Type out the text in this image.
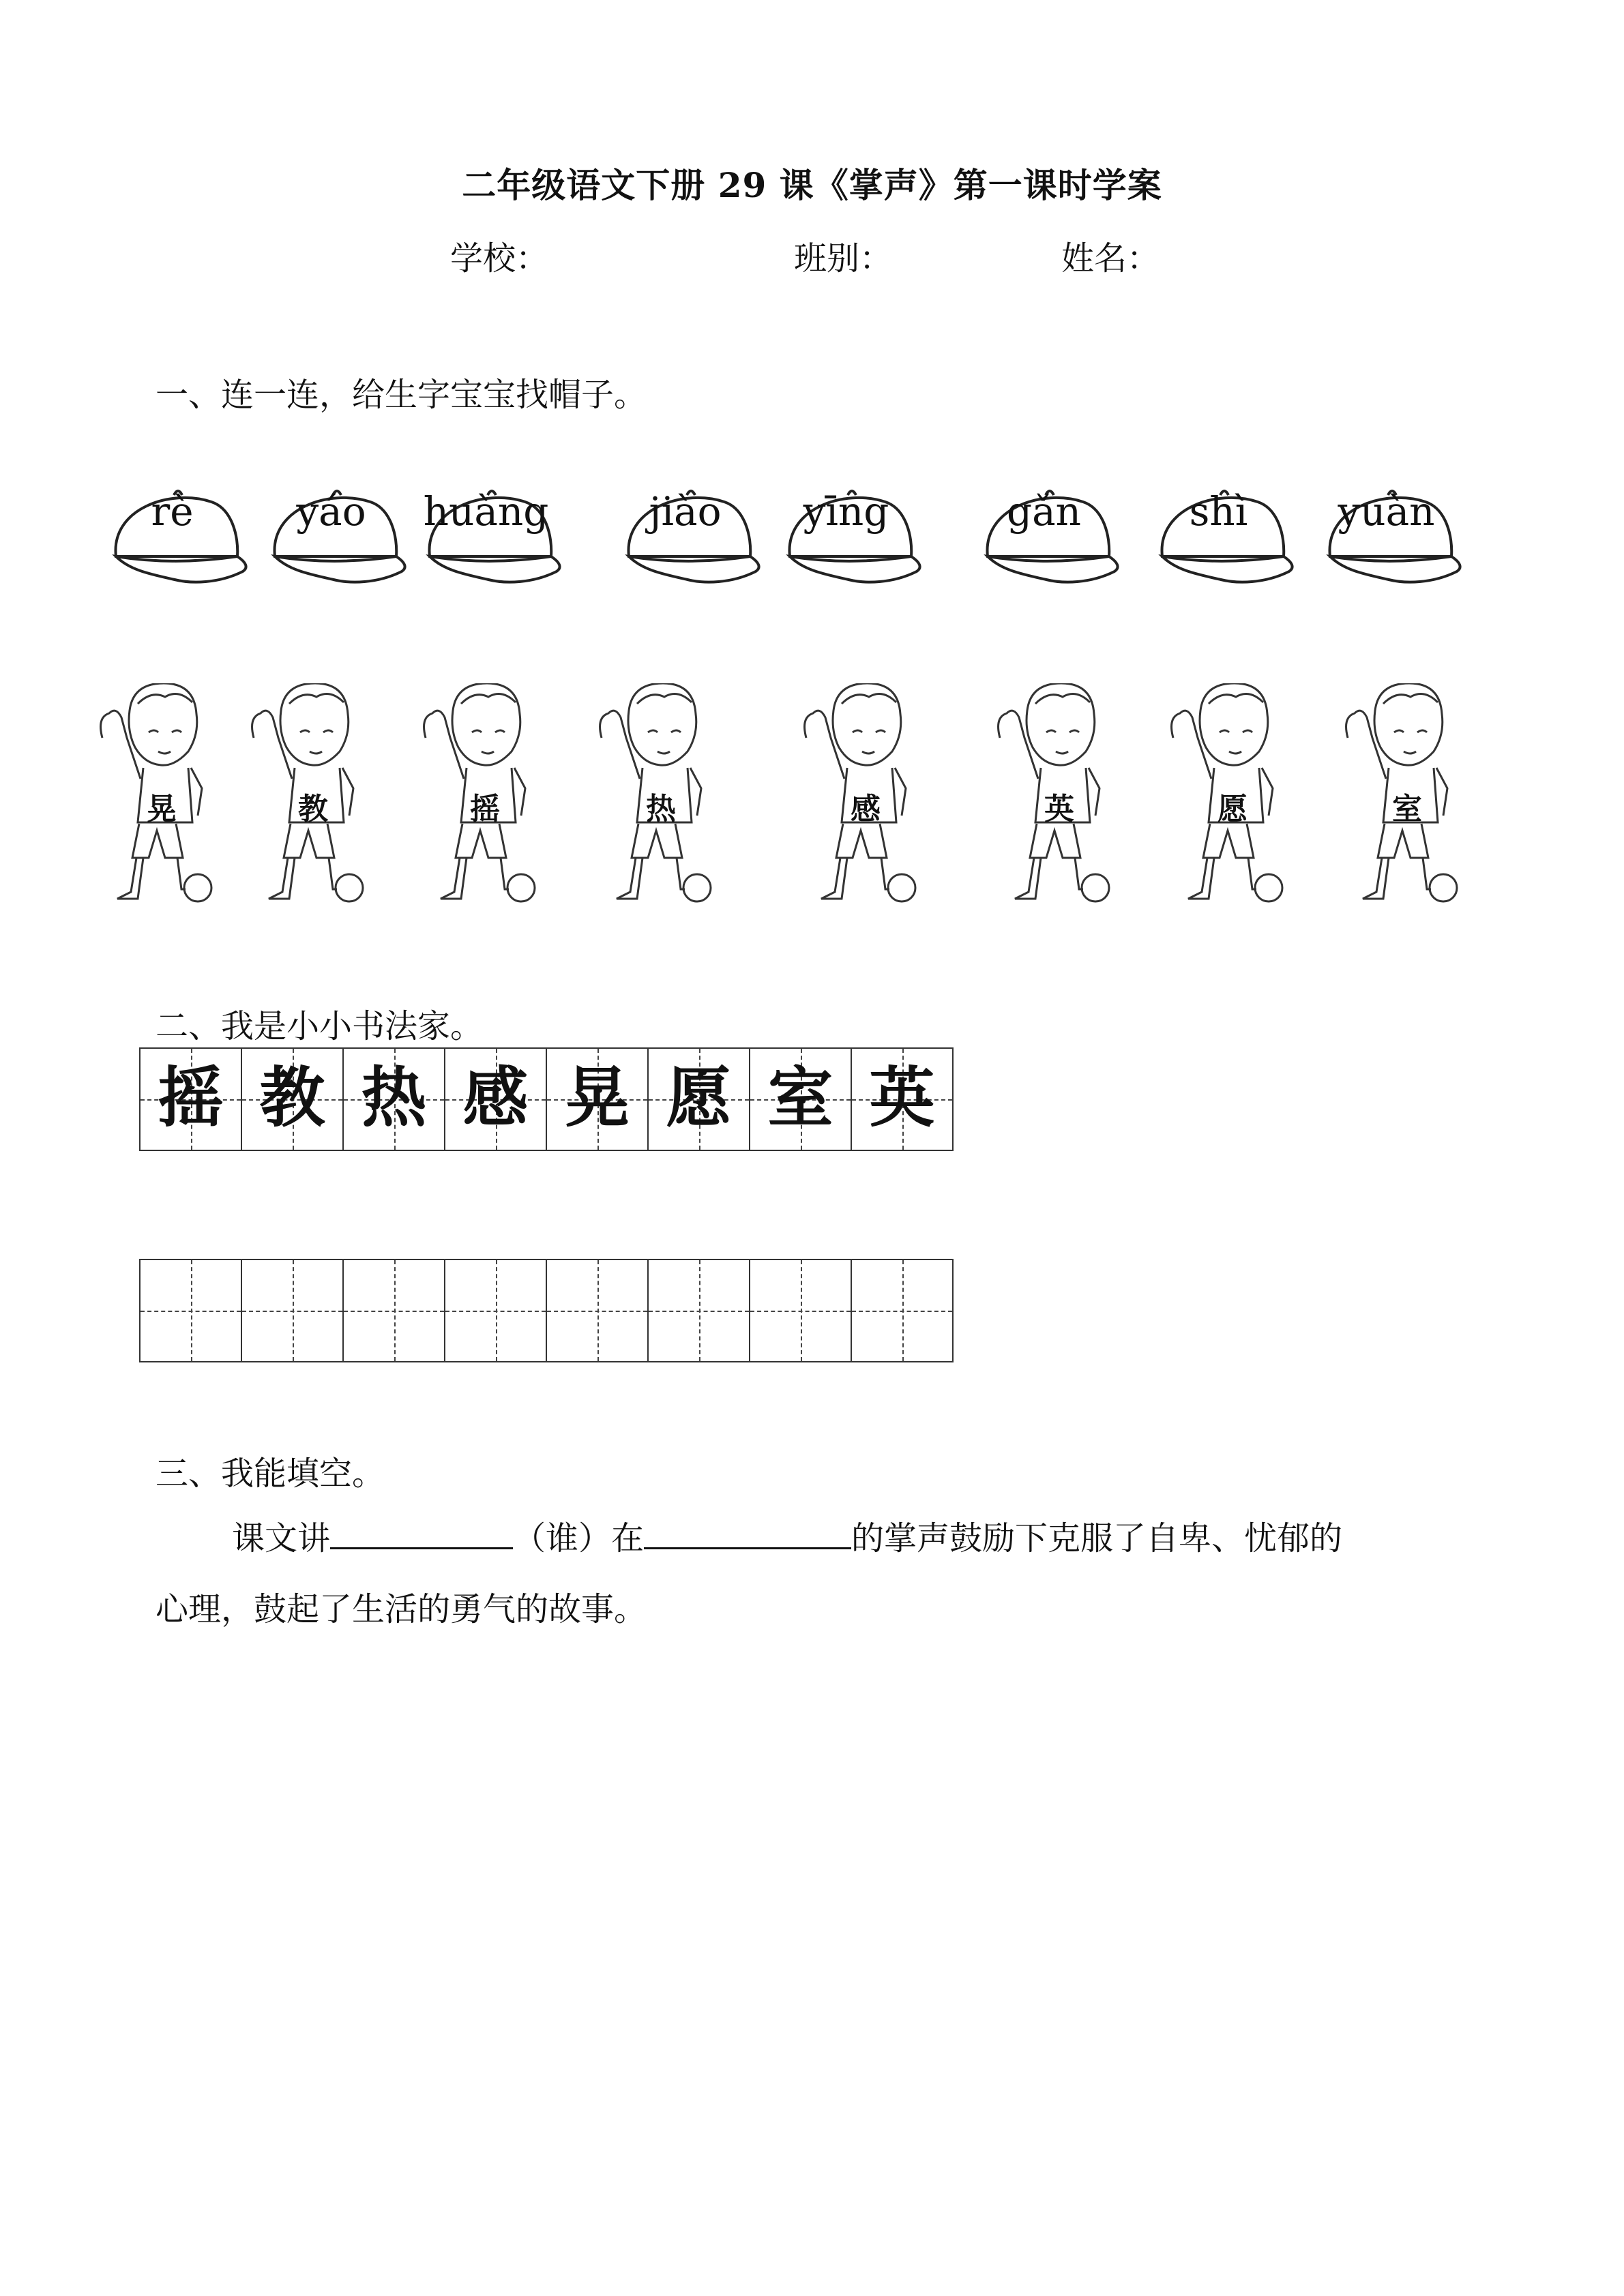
二年级语文下册 29 课《掌声》第一课时学案
学校：	班别：	姓名：
一、连一连，给生字宝宝找帽子。
rè	yáo	huàng	jiào	yīng	gǎn	shì	yuàn
晃	教	摇	热	感	英	愿	室
二、我是小小书法家。
摇 教 热 感 晃 愿 室 英
三、我能填空。
课文讲	（谁）在	的掌声鼓励下克服了自卑、忧郁的
心理，鼓起了生活的勇气的故事。
